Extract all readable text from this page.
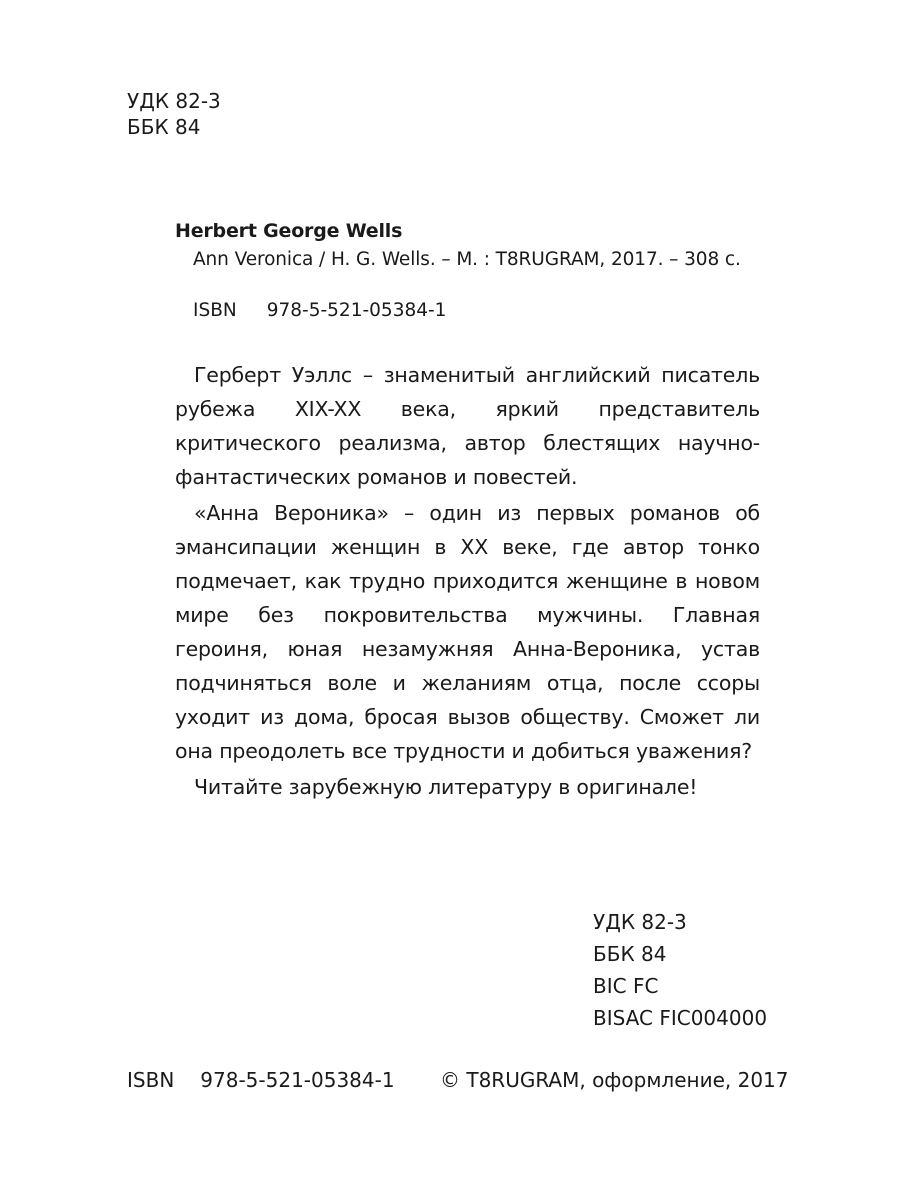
УДК 82-3
ББК 84
Herbert George Wells
Ann Veronica / H. G. Wells. – M. : T8RUGRAM, 2017. – 308 с.
ISBN 978-5-521-05384-1

Герберт Уэллс – знаменитый английский писатель рубежа XIX-XX века, яркий представитель критического реализма, автор блестящих научно-фантастических романов и повестей.

«Анна Вероника» – один из первых романов об эмансипации женщин в XX веке, где автор тонко подмечает, как трудно приходится женщине в новом мире без покровительства мужчины. Главная героиня, юная незамужняя Анна-Вероника, устав подчиняться воле и желаниям отца, после ссоры уходит из дома, бросая вызов обществу. Сможет ли она преодолеть все трудности и добиться уважения?

Читайте зарубежную литературу в оригинале!

УДК 82-3
ББК 84
BIC FC
BISAC FIC004000
ISBN 978-5-521-05384-1 © T8RUGRAM, оформление, 2017
